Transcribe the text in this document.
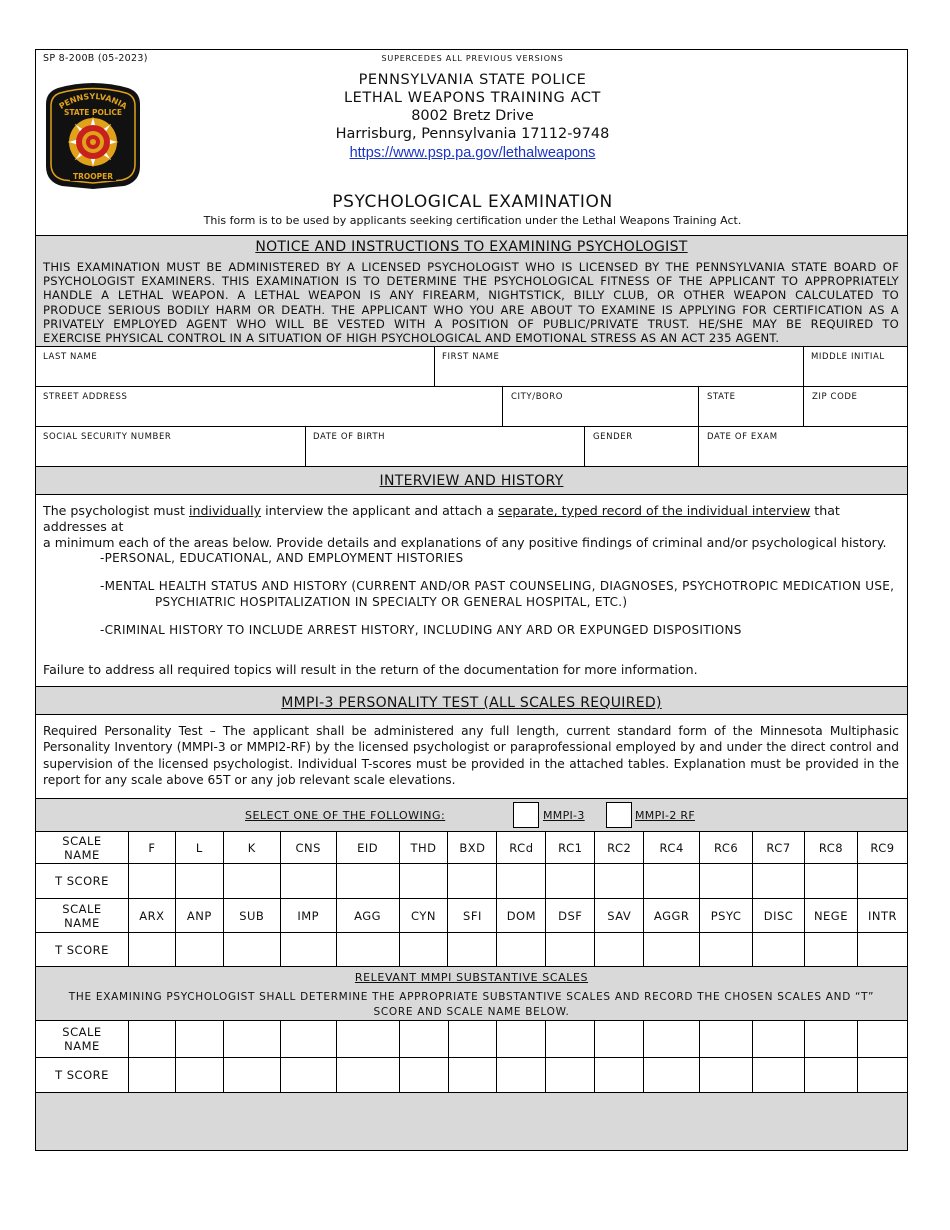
SP 8-200B (05-2023)	SUPERCEDES ALL PREVIOUS VERSIONS
PENNSYLVANIA
STATE POLICE
TROOPER
PENNSYLVANIA STATE POLICE
LETHAL WEAPONS TRAINING ACT
8002 Bretz Drive
Harrisburg, Pennsylvania 17112-9748
https://www.psp.pa.gov/lethalweapons
PSYCHOLOGICAL EXAMINATION
This form is to be used by applicants seeking certification under the Lethal Weapons Training Act.
NOTICE AND INSTRUCTIONS TO EXAMINING PSYCHOLOGIST
THIS EXAMINATION MUST BE ADMINISTERED BY A LICENSED PSYCHOLOGIST WHO IS LICENSED BY THE PENNSYLVANIA STATE BOARD OF
PSYCHOLOGIST EXAMINERS. THIS EXAMINATION IS TO DETERMINE THE PSYCHOLOGICAL FITNESS OF THE APPLICANT TO APPROPRIATELY
HANDLE A LETHAL WEAPON. A LETHAL WEAPON IS ANY FIREARM, NIGHTSTICK, BILLY CLUB, OR OTHER WEAPON CALCULATED TO
PRODUCE SERIOUS BODILY HARM OR DEATH. THE APPLICANT WHO YOU ARE ABOUT TO EXAMINE IS APPLYING FOR CERTIFICATION AS A
PRIVATELY EMPLOYED AGENT WHO WILL BE VESTED WITH A POSITION OF PUBLIC/PRIVATE TRUST. HE/SHE MAY BE REQUIRED TO
EXERCISE PHYSICAL CONTROL IN A SITUATION OF HIGH PSYCHOLOGICAL AND EMOTIONAL STRESS AS AN ACT 235 AGENT.
LAST NAME	FIRST NAME	MIDDLE INITIAL
STREET ADDRESS	CITY/BORO	STATE	ZIP CODE
SOCIAL SECURITY NUMBER	DATE OF BIRTH	GENDER	DATE OF EXAM
INTERVIEW AND HISTORY
The psychologist must individually interview the applicant and attach a separate, typed record of the individual interview that addresses at
a minimum each of the areas below. Provide details and explanations of any positive findings of criminal and/or psychological history.
-PERSONAL, EDUCATIONAL, AND EMPLOYMENT HISTORIES
-MENTAL HEALTH STATUS AND HISTORY (CURRENT AND/OR PAST COUNSELING, DIAGNOSES, PSYCHOTROPIC MEDICATION USE,
PSYCHIATRIC HOSPITALIZATION IN SPECIALTY OR GENERAL HOSPITAL, ETC.)
-CRIMINAL HISTORY TO INCLUDE ARREST HISTORY, INCLUDING ANY ARD OR EXPUNGED DISPOSITIONS
Failure to address all required topics will result in the return of the documentation for more information.
MMPI-3 PERSONALITY TEST (ALL SCALES REQUIRED)
Required Personality Test – The applicant shall be administered any full length, current standard form of the Minnesota Multiphasic
Personality Inventory (MMPI-3 or MMPI2-RF) by the licensed psychologist or paraprofessional employed by and under the direct control and
supervision of the licensed psychologist. Individual T-scores must be provided in the attached tables. Explanation must be provided in the
report for any scale above 65T or any job relevant scale elevations.
SELECT ONE OF THE FOLLOWING:	MMPI-3	MMPI-2 RF
SCALE NAME	F	L	K	CNS	EID	THD	BXD	RCd	RC1	RC2	RC4	RC6	RC7	RC8	RC9
T SCORE															
SCALE NAME	ARX	ANP	SUB	IMP	AGG	CYN	SFI	DOM	DSF	SAV	AGGR	PSYC	DISC	NEGE	INTR
T SCORE															
RELEVANT MMPI SUBSTANTIVE SCALES
THE EXAMINING PSYCHOLOGIST SHALL DETERMINE THE APPROPRIATE SUBSTANTIVE SCALES AND RECORD THE CHOSEN SCALES AND “T”
SCORE AND SCALE NAME BELOW.
SCALE NAME															
T SCORE															
